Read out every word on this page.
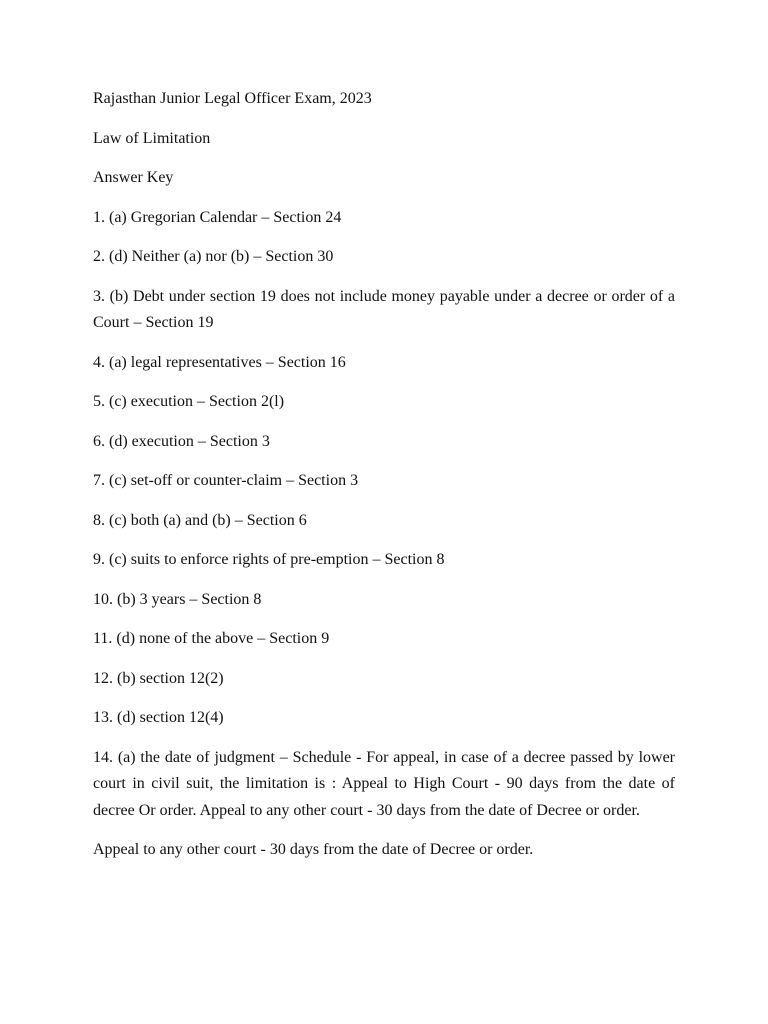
Rajasthan Junior Legal Officer Exam, 2023

Law of Limitation

Answer Key

1. (a) Gregorian Calendar – Section 24

2. (d) Neither (a) nor (b) – Section 30

3. (b) Debt under section 19 does not include money payable under a decree or order of a Court – Section 19

4. (a) legal representatives – Section 16

5. (c) execution – Section 2(l)

6. (d) execution – Section 3

7. (c) set-off or counter-claim – Section 3

8. (c) both (a) and (b) – Section 6

9. (c) suits to enforce rights of pre-emption – Section 8

10. (b) 3 years – Section 8

11. (d) none of the above – Section 9

12. (b) section 12(2)

13. (d) section 12(4)

14. (a) the date of judgment – Schedule - For appeal, in case of a decree passed by lower court in civil suit, the limitation is : Appeal to High Court - 90 days from the date of decree Or order. Appeal to any other court - 30 days from the date of Decree or order.

Appeal to any other court - 30 days from the date of Decree or order.
